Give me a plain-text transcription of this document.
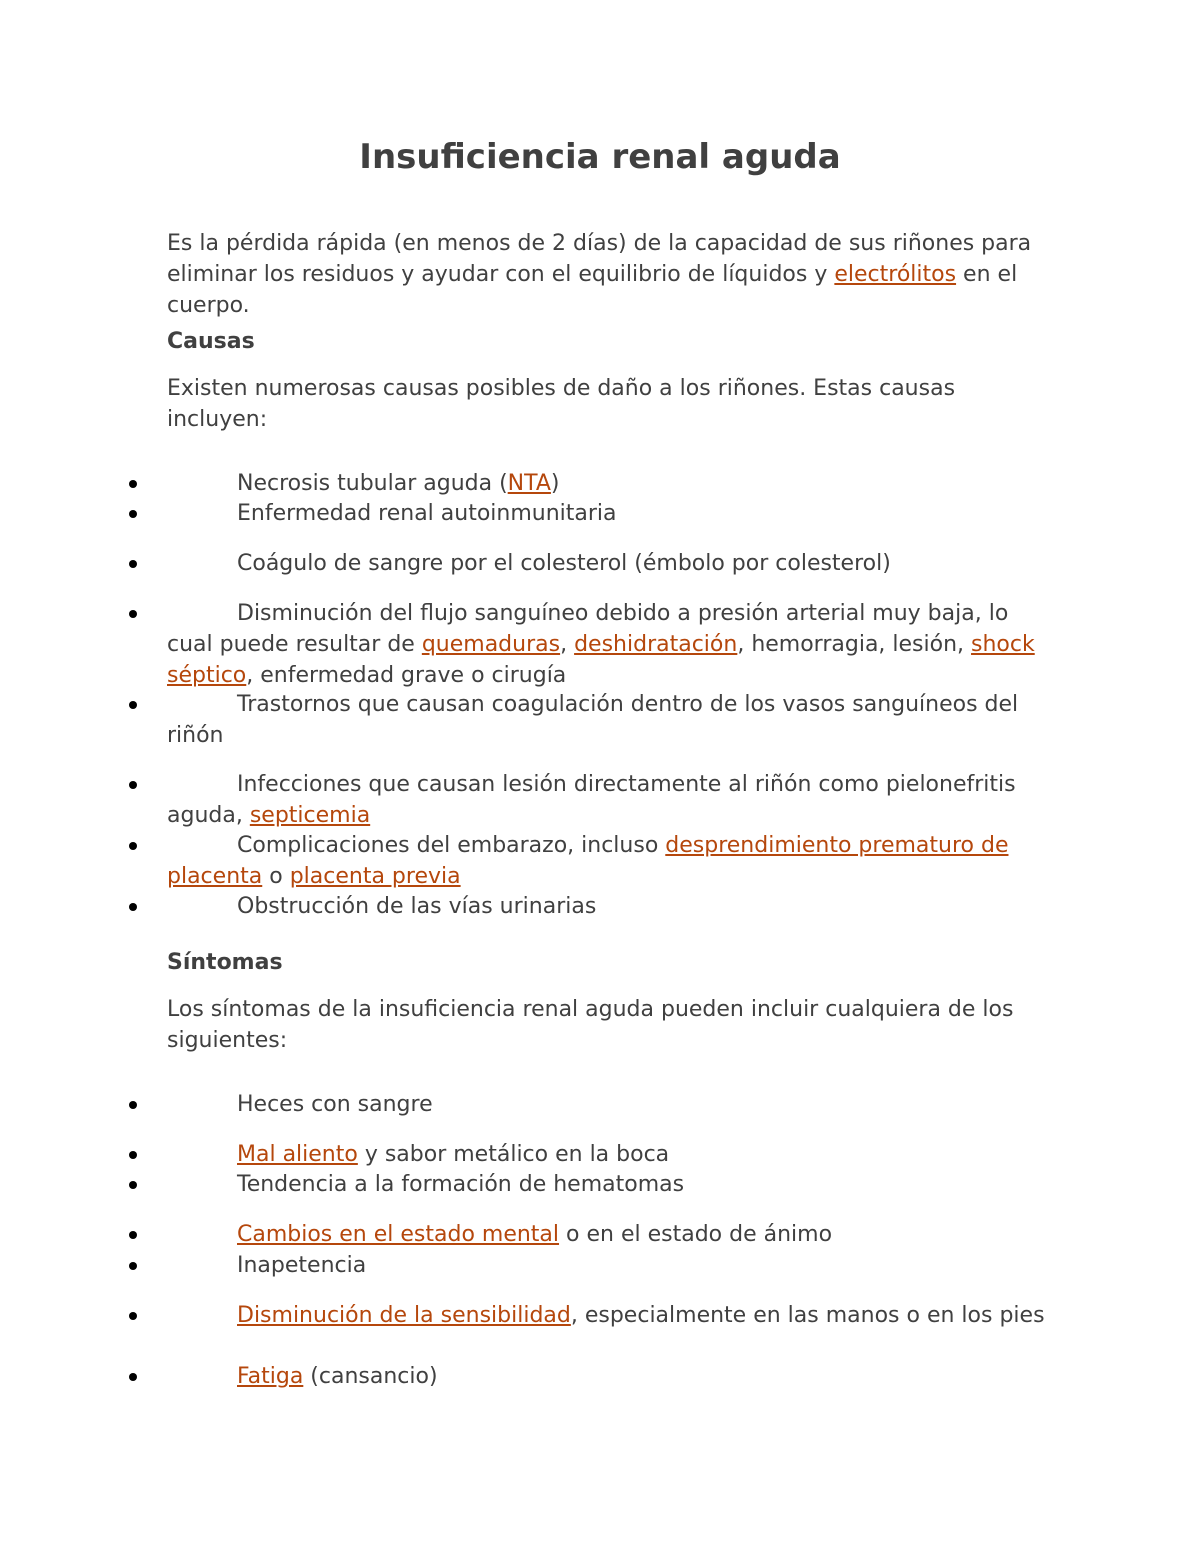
Insuficiencia renal aguda

Es la pérdida rápida (en menos de 2 días) de la capacidad de sus riñones para eliminar los residuos y ayudar con el equilibrio de líquidos y electrólitos en el cuerpo.

Causas

Existen numerosas causas posibles de daño a los riñones. Estas causas incluyen:

Necrosis tubular aguda (NTA)

Enfermedad renal autoinmunitaria

Coágulo de sangre por el colesterol (émbolo por colesterol)

Disminución del flujo sanguíneo debido a presión arterial muy baja, lo cual puede resultar de quemaduras, deshidratación, hemorragia, lesión, shock séptico, enfermedad grave o cirugía

Trastornos que causan coagulación dentro de los vasos sanguíneos del riñón

Infecciones que causan lesión directamente al riñón como pielonefritis aguda, septicemia

Complicaciones del embarazo, incluso desprendimiento prematuro de placenta o placenta previa

Obstrucción de las vías urinarias

Síntomas

Los síntomas de la insuficiencia renal aguda pueden incluir cualquiera de los siguientes:

Heces con sangre

Mal aliento y sabor metálico en la boca

Tendencia a la formación de hematomas

Cambios en el estado mental o en el estado de ánimo

Inapetencia

Disminución de la sensibilidad, especialmente en las manos o en los pies

Fatiga (cansancio)
